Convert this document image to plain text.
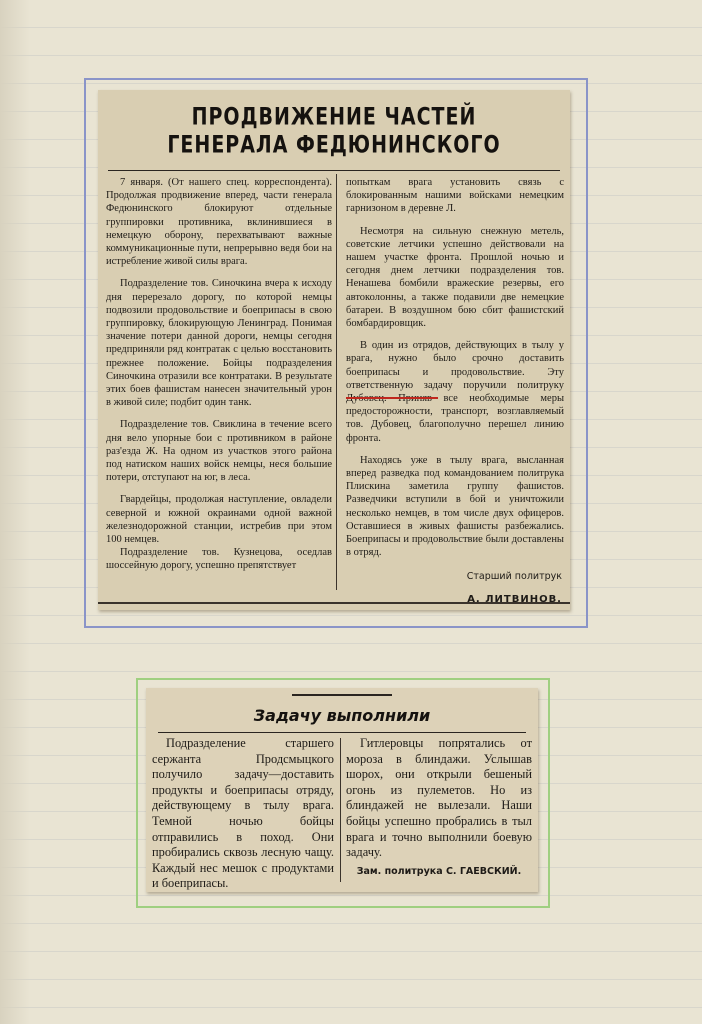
ПРОДВИЖЕНИЕ ЧАСТЕЙ
ГЕНЕРАЛА ФЕДЮНИНСКОГО

7 января. (От нашего спец. корреспондента). Продолжая продвижение вперед, части генерала Федюнинского блокируют отдельные группировки противника, вклинившиеся в немецкую оборону, перехватывают важные коммуникационные пути, непрерывно ведя бои на истребление живой силы врага.

Подразделение тов. Синочкина вчера к исходу дня перерезало дорогу, по которой немцы подвозили продовольствие и боеприпасы в свою группировку, блокирующую Ленинград. Понимая значение потери данной дороги, немцы сегодня предприняли ряд контратак с целью восстановить прежнее положение. Бойцы подразделения Синочкина отразили все контратаки. В результате этих боев фашистам нанесен значительный урон в живой силе; подбит один танк.

Подразделение тов. Свиклина в течение всего дня вело упорные бои с противником в районе раз'езда Ж. На одном из участков этого района под натиском наших войск немцы, неся большие потери, отступают на юг, в леса.

Гвардейцы, продолжая наступление, овладели северной и южной окраинами одной важной железнодорожной станции, истребив при этом 100 немцев.

Подразделение тов. Кузнецова, оседлав шоссейную дорогу, успешно препятствует

попыткам врага установить связь с блокированным нашими войсками немецким гарнизоном в деревне Л.

Несмотря на сильную снежную метель, советские летчики успешно действовали на нашем участке фронта. Прошлой ночью и сегодня днем летчики подразделения тов. Ненашева бомбили вражеские резервы, его автоколонны, а также подавили две немецкие батареи. В воздушном бою сбит фашистский бомбардировщик.

В один из отрядов, действующих в тылу у врага, нужно было срочно доставить боеприпасы и продовольствие. Эту ответственную задачу поручили политруку Дубовец. Приняв все необходимые меры предосторожности, транспорт, возглавляемый тов. Дубовец, благополучно перешел линию фронта.

Находясь уже в тылу врага, высланная вперед разведка под командованием политрука Плискина заметила группу фашистов. Разведчики вступили в бой и уничтожили несколько немцев, в том числе двух офицеров. Оставшиеся в живых фашисты разбежались. Боеприпасы и продовольствие были доставлены в отряд.

Старший политрук
А. ЛИТВИНОВ.
Задачу выполнили

Подразделение старшего сержанта Продсмыцкого получило задачу—доставить продукты и боеприпасы отряду, действующему в тылу врага. Темной ночью бойцы отправились в поход. Они пробирались сквозь лесную чащу. Каждый нес мешок с продуктами и боеприпасы.

Гитлеровцы попрятались от мороза в блиндажи. Услышав шорох, они открыли бешеный огонь из пулеметов. Но из блиндажей не вылезали. Наши бойцы успешно пробрались в тыл врага и точно выполнили боевую задачу.

Зам. политрука С. ГАЕВСКИЙ.
